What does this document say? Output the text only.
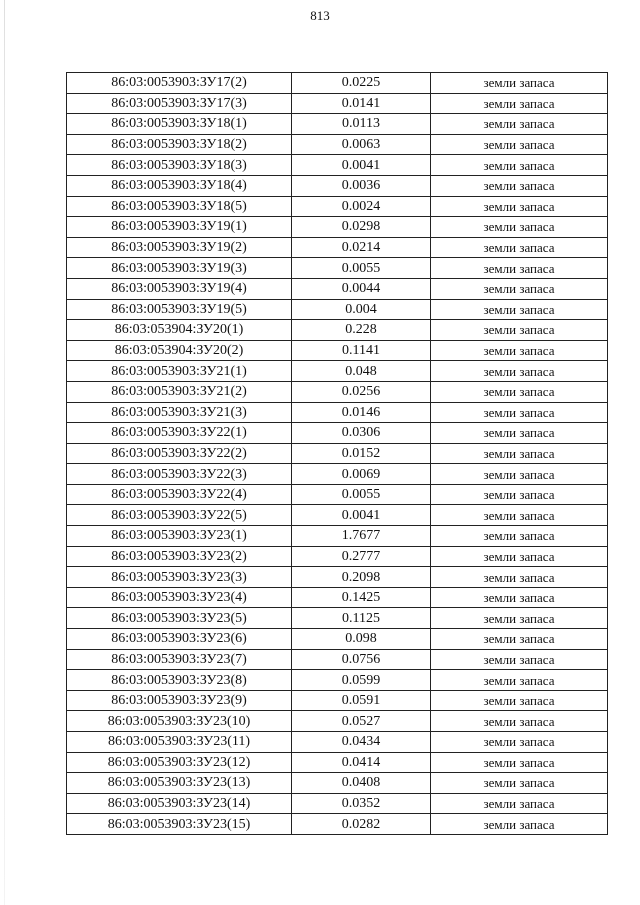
813
86:03:0053903:ЗУ17(2)	0.0225	земли запаса
86:03:0053903:ЗУ17(3)	0.0141	земли запаса
86:03:0053903:ЗУ18(1)	0.0113	земли запаса
86:03:0053903:ЗУ18(2)	0.0063	земли запаса
86:03:0053903:ЗУ18(3)	0.0041	земли запаса
86:03:0053903:ЗУ18(4)	0.0036	земли запаса
86:03:0053903:ЗУ18(5)	0.0024	земли запаса
86:03:0053903:ЗУ19(1)	0.0298	земли запаса
86:03:0053903:ЗУ19(2)	0.0214	земли запаса
86:03:0053903:ЗУ19(3)	0.0055	земли запаса
86:03:0053903:ЗУ19(4)	0.0044	земли запаса
86:03:0053903:ЗУ19(5)	0.004	земли запаса
86:03:053904:ЗУ20(1)	0.228	земли запаса
86:03:053904:ЗУ20(2)	0.1141	земли запаса
86:03:0053903:ЗУ21(1)	0.048	земли запаса
86:03:0053903:ЗУ21(2)	0.0256	земли запаса
86:03:0053903:ЗУ21(3)	0.0146	земли запаса
86:03:0053903:ЗУ22(1)	0.0306	земли запаса
86:03:0053903:ЗУ22(2)	0.0152	земли запаса
86:03:0053903:ЗУ22(3)	0.0069	земли запаса
86:03:0053903:ЗУ22(4)	0.0055	земли запаса
86:03:0053903:ЗУ22(5)	0.0041	земли запаса
86:03:0053903:ЗУ23(1)	1.7677	земли запаса
86:03:0053903:ЗУ23(2)	0.2777	земли запаса
86:03:0053903:ЗУ23(3)	0.2098	земли запаса
86:03:0053903:ЗУ23(4)	0.1425	земли запаса
86:03:0053903:ЗУ23(5)	0.1125	земли запаса
86:03:0053903:ЗУ23(6)	0.098	земли запаса
86:03:0053903:ЗУ23(7)	0.0756	земли запаса
86:03:0053903:ЗУ23(8)	0.0599	земли запаса
86:03:0053903:ЗУ23(9)	0.0591	земли запаса
86:03:0053903:ЗУ23(10)	0.0527	земли запаса
86:03:0053903:ЗУ23(11)	0.0434	земли запаса
86:03:0053903:ЗУ23(12)	0.0414	земли запаса
86:03:0053903:ЗУ23(13)	0.0408	земли запаса
86:03:0053903:ЗУ23(14)	0.0352	земли запаса
86:03:0053903:ЗУ23(15)	0.0282	земли запаса
